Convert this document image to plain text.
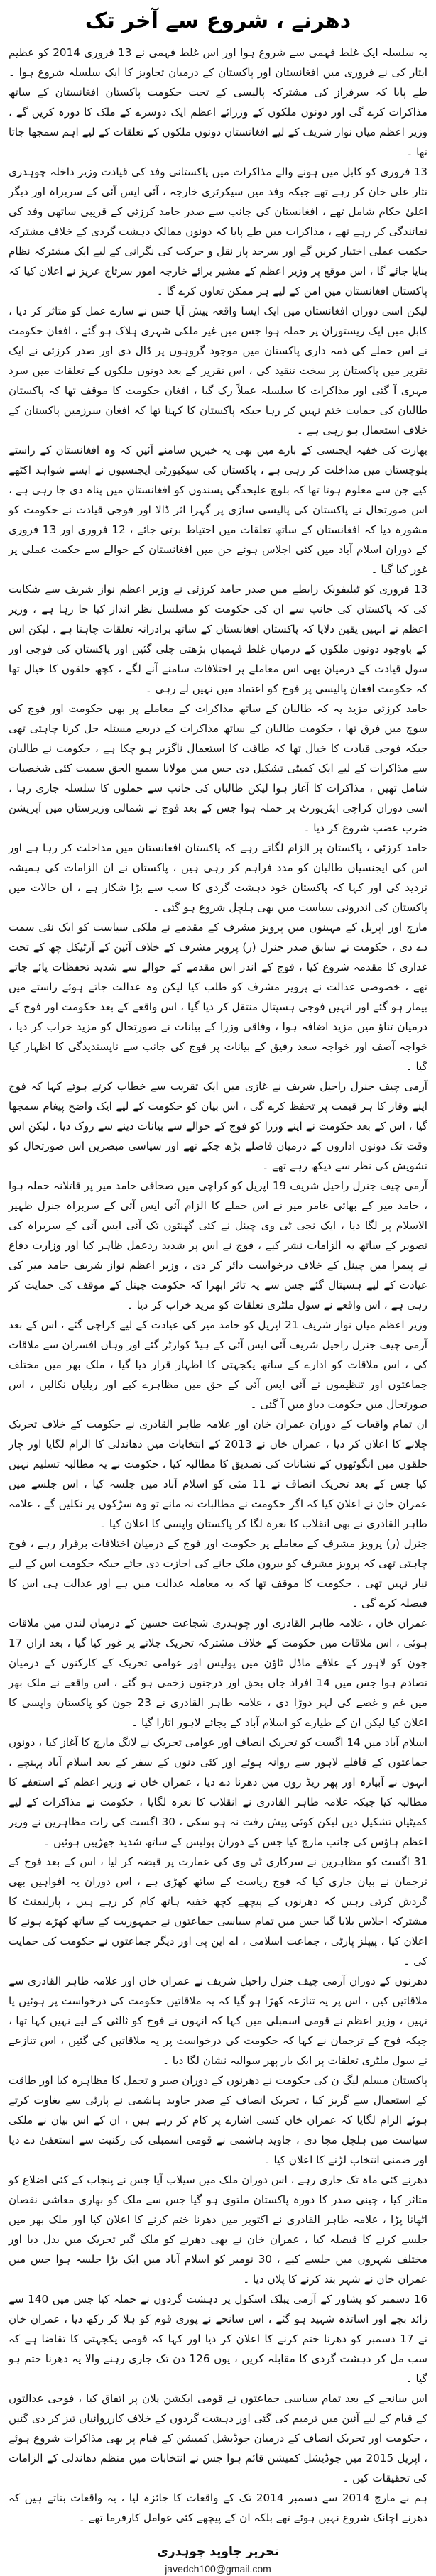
دھرنے ، شروع سے آخر تک

یہ سلسلہ ایک غلط فہمی سے شروع ہوا اور اس غلط فہمی نے 13 فروری 2014 کو عظیم ایثار کی نے فروری میں افغانستان اور پاکستان کے درمیان تجاویز کا ایک سلسلہ شروع ہوا ۔ طے پایا کہ سرفراز کی مشترکہ پالیسی کے تحت حکومت پاکستان افغانستان کے ساتھ مذاکرات کرے گی اور دونوں ملکوں کے وزرائے اعظم ایک دوسرے کے ملک کا دورہ کریں گے ، وزیر اعظم میاں نواز شریف کے لیے افغانستان دونوں ملکوں کے تعلقات کے لیے اہم سمجھا جاتا تھا ۔

13 فروری کو کابل میں ہونے والے مذاکرات میں پاکستانی وفد کی قیادت وزیر داخلہ چوہدری نثار علی خان کر رہے تھے جبکہ وفد میں سیکرٹری خارجہ ، آئی ایس آئی کے سربراہ اور دیگر اعلیٰ حکام شامل تھے ، افغانستان کی جانب سے صدر حامد کرزئی کے قریبی ساتھی وفد کی نمائندگی کر رہے تھے ، مذاکرات میں طے پایا کہ دونوں ممالک دہشت گردی کے خلاف مشترکہ حکمت عملی اختیار کریں گے اور سرحد پار نقل و حرکت کی نگرانی کے لیے ایک مشترکہ نظام بنایا جائے گا ، اس موقع پر وزیر اعظم کے مشیر برائے خارجہ امور سرتاج عزیز نے اعلان کیا کہ پاکستان افغانستان میں امن کے لیے ہر ممکن تعاون کرے گا ۔

لیکن اسی دوران افغانستان میں ایک ایسا واقعہ پیش آیا جس نے سارے عمل کو متاثر کر دیا ، کابل میں ایک ریستوران پر حملہ ہوا جس میں غیر ملکی شہری ہلاک ہو گئے ، افغان حکومت نے اس حملے کی ذمہ داری پاکستان میں موجود گروہوں پر ڈال دی اور صدر کرزئی نے ایک تقریر میں پاکستان پر سخت تنقید کی ، اس تقریر کے بعد دونوں ملکوں کے تعلقات میں سرد مہری آ گئی اور مذاکرات کا سلسلہ عملاً رک گیا ، افغان حکومت کا موقف تھا کہ پاکستان طالبان کی حمایت ختم نہیں کر رہا جبکہ پاکستان کا کہنا تھا کہ افغان سرزمین پاکستان کے خلاف استعمال ہو رہی ہے ۔

بھارت کی خفیہ ایجنسی کے بارے میں بھی یہ خبریں سامنے آئیں کہ وہ افغانستان کے راستے بلوچستان میں مداخلت کر رہی ہے ، پاکستان کی سیکیورٹی ایجنسیوں نے ایسے شواہد اکٹھے کیے جن سے معلوم ہوتا تھا کہ بلوچ علیحدگی پسندوں کو افغانستان میں پناہ دی جا رہی ہے ، اس صورتحال نے پاکستان کی پالیسی سازی پر گہرا اثر ڈالا اور فوجی قیادت نے حکومت کو مشورہ دیا کہ افغانستان کے ساتھ تعلقات میں احتیاط برتی جائے ، 12 فروری اور 13 فروری کے دوران اسلام آباد میں کئی اجلاس ہوئے جن میں افغانستان کے حوالے سے حکمت عملی پر غور کیا گیا ۔

13 فروری کو ٹیلیفونک رابطے میں صدر حامد کرزئی نے وزیر اعظم نواز شریف سے شکایت کی کہ پاکستان کی جانب سے ان کی حکومت کو مسلسل نظر انداز کیا جا رہا ہے ، وزیر اعظم نے انہیں یقین دلایا کہ پاکستان افغانستان کے ساتھ برادرانہ تعلقات چاہتا ہے ، لیکن اس کے باوجود دونوں ملکوں کے درمیان غلط فہمیاں بڑھتی چلی گئیں اور پاکستان کی فوجی اور سول قیادت کے درمیان بھی اس معاملے پر اختلافات سامنے آنے لگے ، کچھ حلقوں کا خیال تھا کہ حکومت افغان پالیسی پر فوج کو اعتماد میں نہیں لے رہی ۔

حامد کرزئی مزید یہ کہ طالبان کے ساتھ مذاکرات کے معاملے پر بھی حکومت اور فوج کی سوچ میں فرق تھا ، حکومت طالبان کے ساتھ مذاکرات کے ذریعے مسئلہ حل کرنا چاہتی تھی جبکہ فوجی قیادت کا خیال تھا کہ طاقت کا استعمال ناگزیر ہو چکا ہے ، حکومت نے طالبان سے مذاکرات کے لیے ایک کمیٹی تشکیل دی جس میں مولانا سمیع الحق سمیت کئی شخصیات شامل تھیں ، مذاکرات کا آغاز ہوا لیکن طالبان کی جانب سے حملوں کا سلسلہ جاری رہا ، اسی دوران کراچی ایئرپورٹ پر حملہ ہوا جس کے بعد فوج نے شمالی وزیرستان میں آپریشن ضرب عضب شروع کر دیا ۔

حامد کرزئی ، پاکستان پر الزام لگاتے رہے کہ پاکستان افغانستان میں مداخلت کر رہا ہے اور اس کی ایجنسیاں طالبان کو مدد فراہم کر رہی ہیں ، پاکستان نے ان الزامات کی ہمیشہ تردید کی اور کہا کہ پاکستان خود دہشت گردی کا سب سے بڑا شکار ہے ، ان حالات میں پاکستان کی اندرونی سیاست میں بھی ہلچل شروع ہو گئی ۔

مارچ اور اپریل کے مہینوں میں پرویز مشرف کے مقدمے نے ملکی سیاست کو ایک نئی سمت دے دی ، حکومت نے سابق صدر جنرل (ر) پرویز مشرف کے خلاف آئین کے آرٹیکل چھ کے تحت غداری کا مقدمہ شروع کیا ، فوج کے اندر اس مقدمے کے حوالے سے شدید تحفظات پائے جاتے تھے ، خصوصی عدالت نے پرویز مشرف کو طلب کیا لیکن وہ عدالت جاتے ہوئے راستے میں بیمار ہو گئے اور انہیں فوجی ہسپتال منتقل کر دیا گیا ، اس واقعے کے بعد حکومت اور فوج کے درمیان تناؤ میں مزید اضافہ ہوا ، وفاقی وزرا کے بیانات نے صورتحال کو مزید خراب کر دیا ، خواجہ آصف اور خواجہ سعد رفیق کے بیانات پر فوج کی جانب سے ناپسندیدگی کا اظہار کیا گیا ۔

آرمی چیف جنرل راحیل شریف نے غازی میں ایک تقریب سے خطاب کرتے ہوئے کہا کہ فوج اپنے وقار کا ہر قیمت پر تحفظ کرے گی ، اس بیان کو حکومت کے لیے ایک واضح پیغام سمجھا گیا ، اس کے بعد حکومت نے اپنے وزرا کو فوج کے حوالے سے بیانات دینے سے روک دیا ، لیکن اس وقت تک دونوں اداروں کے درمیان فاصلے بڑھ چکے تھے اور سیاسی مبصرین اس صورتحال کو تشویش کی نظر سے دیکھ رہے تھے ۔

آرمی چیف جنرل راحیل شریف 19 اپریل کو کراچی میں صحافی حامد میر پر قاتلانہ حملہ ہوا ، حامد میر کے بھائی عامر میر نے اس حملے کا الزام آئی ایس آئی کے سربراہ جنرل ظہیر الاسلام پر لگا دیا ، ایک نجی ٹی وی چینل نے کئی گھنٹوں تک آئی ایس آئی کے سربراہ کی تصویر کے ساتھ یہ الزامات نشر کیے ، فوج نے اس پر شدید ردعمل ظاہر کیا اور وزارت دفاع نے پیمرا میں چینل کے خلاف درخواست دائر کر دی ، وزیر اعظم نواز شریف حامد میر کی عیادت کے لیے ہسپتال گئے جس سے یہ تاثر ابھرا کہ حکومت چینل کے موقف کی حمایت کر رہی ہے ، اس واقعے نے سول ملٹری تعلقات کو مزید خراب کر دیا ۔

وزیر اعظم میاں نواز شریف 21 اپریل کو حامد میر کی عیادت کے لیے کراچی گئے ، اس کے بعد آرمی چیف جنرل راحیل شریف آئی ایس آئی کے ہیڈ کوارٹر گئے اور وہاں افسران سے ملاقات کی ، اس ملاقات کو ادارے کے ساتھ یکجہتی کا اظہار قرار دیا گیا ، ملک بھر میں مختلف جماعتوں اور تنظیموں نے آئی ایس آئی کے حق میں مظاہرے کیے اور ریلیاں نکالیں ، اس صورتحال میں حکومت دباؤ میں آ گئی ۔

ان تمام واقعات کے دوران عمران خان اور علامہ طاہر القادری نے حکومت کے خلاف تحریک چلانے کا اعلان کر دیا ، عمران خان نے 2013 کے انتخابات میں دھاندلی کا الزام لگایا اور چار حلقوں میں انگوٹھوں کے نشانات کی تصدیق کا مطالبہ کیا ، حکومت نے یہ مطالبہ تسلیم نہیں کیا جس کے بعد تحریک انصاف نے 11 مئی کو اسلام آباد میں جلسہ کیا ، اس جلسے میں عمران خان نے اعلان کیا کہ اگر حکومت نے مطالبات نہ مانے تو وہ سڑکوں پر نکلیں گے ، علامہ طاہر القادری نے بھی انقلاب کا نعرہ لگا کر پاکستان واپسی کا اعلان کیا ۔

جنرل (ر) پرویز مشرف کے معاملے پر حکومت اور فوج کے درمیان اختلافات برقرار رہے ، فوج چاہتی تھی کہ پرویز مشرف کو بیرون ملک جانے کی اجازت دی جائے جبکہ حکومت اس کے لیے تیار نہیں تھی ، حکومت کا موقف تھا کہ یہ معاملہ عدالت میں ہے اور عدالت ہی اس کا فیصلہ کرے گی ۔

عمران خان ، علامہ طاہر القادری اور چوہدری شجاعت حسین کے درمیان لندن میں ملاقات ہوئی ، اس ملاقات میں حکومت کے خلاف مشترکہ تحریک چلانے پر غور کیا گیا ، بعد ازاں 17 جون کو لاہور کے علاقے ماڈل ٹاؤن میں پولیس اور عوامی تحریک کے کارکنوں کے درمیان تصادم ہوا جس میں 14 افراد جاں بحق اور درجنوں زخمی ہو گئے ، اس واقعے نے ملک بھر میں غم و غصے کی لہر دوڑا دی ، علامہ طاہر القادری نے 23 جون کو پاکستان واپسی کا اعلان کیا لیکن ان کے طیارے کو اسلام آباد کے بجائے لاہور اتارا گیا ۔

اسلام آباد میں 14 اگست کو تحریک انصاف اور عوامی تحریک نے لانگ مارچ کا آغاز کیا ، دونوں جماعتوں کے قافلے لاہور سے روانہ ہوئے اور کئی دنوں کے سفر کے بعد اسلام آباد پہنچے ، انہوں نے آبپارہ اور پھر ریڈ زون میں دھرنا دے دیا ، عمران خان نے وزیر اعظم کے استعفے کا مطالبہ کیا جبکہ علامہ طاہر القادری نے انقلاب کا نعرہ لگایا ، حکومت نے مذاکرات کے لیے کمیٹیاں تشکیل دیں لیکن کوئی پیش رفت نہ ہو سکی ، 30 اگست کی رات مظاہرین نے وزیر اعظم ہاؤس کی جانب مارچ کیا جس کے دوران پولیس کے ساتھ شدید جھڑپیں ہوئیں ۔

31 اگست کو مظاہرین نے سرکاری ٹی وی کی عمارت پر قبضہ کر لیا ، اس کے بعد فوج کے ترجمان نے بیان جاری کیا کہ فوج ریاست کے ساتھ کھڑی ہے ، اس دوران یہ افواہیں بھی گردش کرتی رہیں کہ دھرنوں کے پیچھے کچھ خفیہ ہاتھ کام کر رہے ہیں ، پارلیمنٹ کا مشترکہ اجلاس بلایا گیا جس میں تمام سیاسی جماعتوں نے جمہوریت کے ساتھ کھڑے ہونے کا اعلان کیا ، پیپلز پارٹی ، جماعت اسلامی ، اے این پی اور دیگر جماعتوں نے حکومت کی حمایت کی ۔

دھرنوں کے دوران آرمی چیف جنرل راحیل شریف نے عمران خان اور علامہ طاہر القادری سے ملاقاتیں کیں ، اس پر یہ تنازعہ کھڑا ہو گیا کہ یہ ملاقاتیں حکومت کی درخواست پر ہوئیں یا نہیں ، وزیر اعظم نے قومی اسمبلی میں کہا کہ انہوں نے فوج کو ثالثی کے لیے نہیں کہا تھا ، جبکہ فوج کے ترجمان نے کہا کہ حکومت کی درخواست پر یہ ملاقاتیں کی گئیں ، اس تنازعے نے سول ملٹری تعلقات پر ایک بار پھر سوالیہ نشان لگا دیا ۔

پاکستان مسلم لیگ ن کی حکومت نے دھرنوں کے دوران صبر و تحمل کا مظاہرہ کیا اور طاقت کے استعمال سے گریز کیا ، تحریک انصاف کے صدر جاوید ہاشمی نے پارٹی سے بغاوت کرتے ہوئے الزام لگایا کہ عمران خان کسی اشارے پر کام کر رہے ہیں ، ان کے اس بیان نے ملکی سیاست میں ہلچل مچا دی ، جاوید ہاشمی نے قومی اسمبلی کی رکنیت سے استعفیٰ دے دیا اور ضمنی انتخاب لڑنے کا اعلان کیا ۔

دھرنے کئی ماہ تک جاری رہے ، اس دوران ملک میں سیلاب آیا جس نے پنجاب کے کئی اضلاع کو متاثر کیا ، چینی صدر کا دورہ پاکستان ملتوی ہو گیا جس سے ملک کو بھاری معاشی نقصان اٹھانا پڑا ، علامہ طاہر القادری نے اکتوبر میں دھرنا ختم کرنے کا اعلان کیا اور ملک بھر میں جلسے کرنے کا فیصلہ کیا ، عمران خان نے بھی دھرنے کو ملک گیر تحریک میں بدل دیا اور مختلف شہروں میں جلسے کیے ، 30 نومبر کو اسلام آباد میں ایک بڑا جلسہ ہوا جس میں عمران خان نے شہر بند کرنے کا پلان دیا ۔

16 دسمبر کو پشاور کے آرمی پبلک اسکول پر دہشت گردوں نے حملہ کیا جس میں 140 سے زائد بچے اور اساتذہ شہید ہو گئے ، اس سانحے نے پوری قوم کو ہلا کر رکھ دیا ، عمران خان نے 17 دسمبر کو دھرنا ختم کرنے کا اعلان کر دیا اور کہا کہ قومی یکجہتی کا تقاضا ہے کہ سب مل کر دہشت گردی کا مقابلہ کریں ، یوں 126 دن تک جاری رہنے والا یہ دھرنا ختم ہو گیا ۔

اس سانحے کے بعد تمام سیاسی جماعتوں نے قومی ایکشن پلان پر اتفاق کیا ، فوجی عدالتوں کے قیام کے لیے آئین میں ترمیم کی گئی اور دہشت گردوں کے خلاف کارروائیاں تیز کر دی گئیں ، حکومت اور تحریک انصاف کے درمیان جوڈیشل کمیشن کے قیام پر بھی مذاکرات شروع ہوئے ، اپریل 2015 میں جوڈیشل کمیشن قائم ہوا جس نے انتخابات میں منظم دھاندلی کے الزامات کی تحقیقات کیں ۔

ہم نے مارچ 2014 سے دسمبر 2014 تک کے واقعات کا جائزہ لیا ، یہ واقعات بتاتے ہیں کہ دھرنے اچانک شروع نہیں ہوئے تھے بلکہ ان کے پیچھے کئی عوامل کارفرما تھے ۔

تحریر جاوید چوہدری
javedch100@gmail.com
